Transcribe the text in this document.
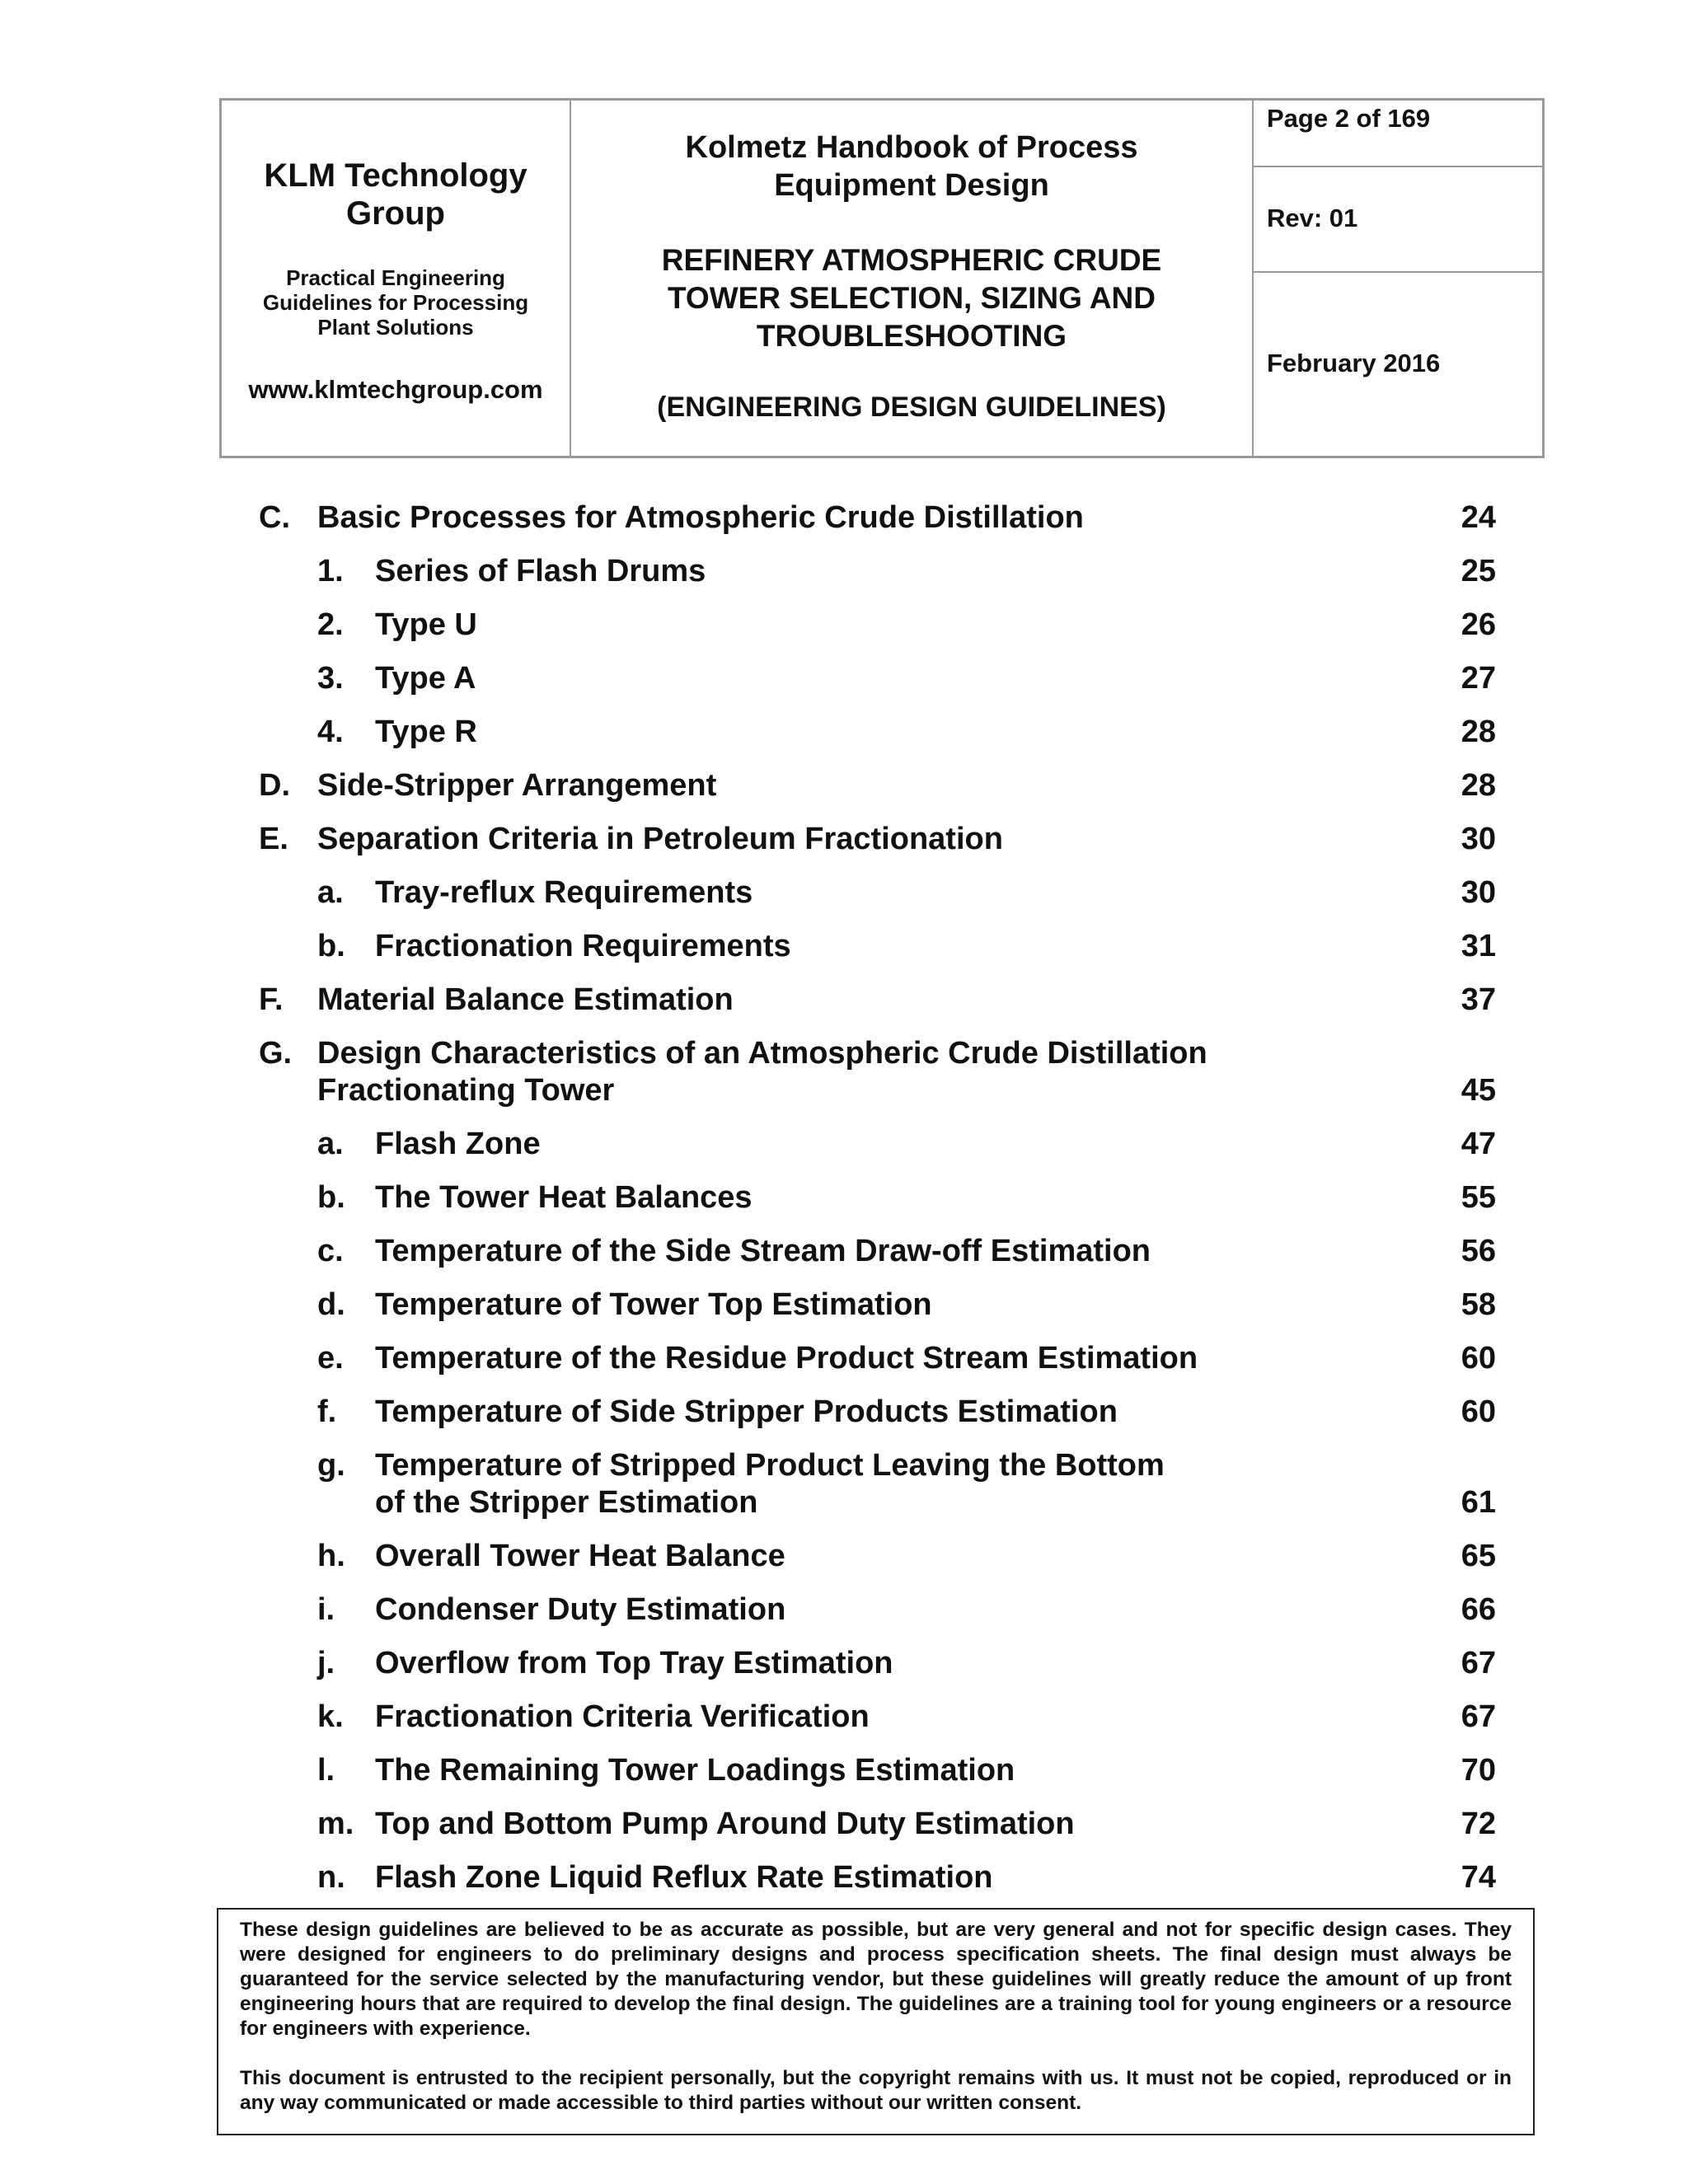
KLM Technology Group
Practical Engineering Guidelines for Processing Plant Solutions
www.klmtechgroup.com
Kolmetz Handbook of Process Equipment Design
REFINERY ATMOSPHERIC CRUDE TOWER SELECTION, SIZING AND TROUBLESHOOTING
(ENGINEERING DESIGN GUIDELINES)
Page 2 of 169
Rev: 01
February 2016
C. Basic Processes for Atmospheric Crude Distillation	24
1. Series of Flash Drums	25
2. Type U	26
3. Type A	27
4. Type R	28
D. Side-Stripper Arrangement	28
E. Separation Criteria in Petroleum Fractionation	30
a. Tray-reflux Requirements	30
b. Fractionation Requirements	31
F. Material Balance Estimation	37
G. Design Characteristics of an Atmospheric Crude Distillation
Fractionating Tower	45
a. Flash Zone	47
b. The Tower Heat Balances	55
c. Temperature of the Side Stream Draw-off Estimation	56
d. Temperature of Tower Top Estimation	58
e. Temperature of the Residue Product Stream Estimation	60
f. Temperature of Side Stripper Products Estimation	60
g. Temperature of Stripped Product Leaving the Bottom
of the Stripper Estimation	61
h. Overall Tower Heat Balance	65
i. Condenser Duty Estimation	66
j. Overflow from Top Tray Estimation	67
k. Fractionation Criteria Verification	67
l. The Remaining Tower Loadings Estimation	70
m. Top and Bottom Pump Around Duty Estimation	72
n. Flash Zone Liquid Reflux Rate Estimation	74

These design guidelines are believed to be as accurate as possible, but are very general and not for specific design cases. They were designed for engineers to do preliminary designs and process specification sheets. The final design must always be guaranteed for the service selected by the manufacturing vendor, but these guidelines will greatly reduce the amount of up front engineering hours that are required to develop the final design. The guidelines are a training tool for young engineers or a resource for engineers with experience.

This document is entrusted to the recipient personally, but the copyright remains with us. It must not be copied, reproduced or in any way communicated or made accessible to third parties without our written consent.
